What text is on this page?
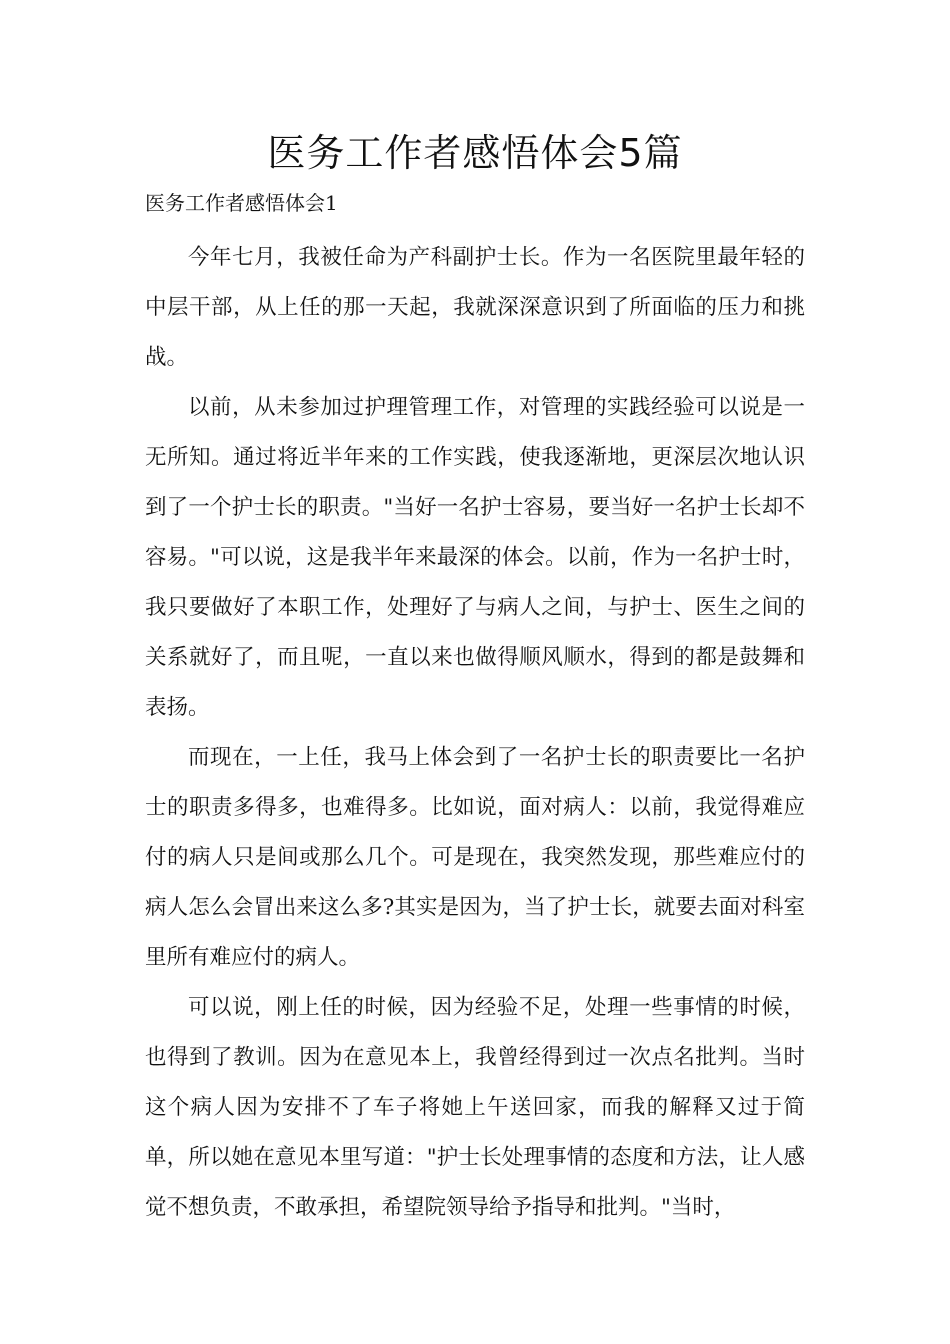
医务工作者感悟体会5篇
医务工作者感悟体会1

今年七月，我被任命为产科副护士长。作为一名医院里最年轻的中层干部，从上任的那一天起，我就深深意识到了所面临的压力和挑战。

以前，从未参加过护理管理工作，对管理的实践经验可以说是一无所知。通过将近半年来的工作实践，使我逐渐地，更深层次地认识到了一个护士长的职责。"当好一名护士容易，要当好一名护士长却不容易。"可以说，这是我半年来最深的体会。以前，作为一名护士时，我只要做好了本职工作，处理好了与病人之间，与护士、医生之间的关系就好了，而且呢，一直以来也做得顺风顺水，得到的都是鼓舞和表扬。

而现在，一上任，我马上体会到了一名护士长的职责要比一名护士的职责多得多，也难得多。比如说，面对病人：以前，我觉得难应付的病人只是间或那么几个。可是现在，我突然发现，那些难应付的病人怎么会冒出来这么多?其实是因为，当了护士长，就要去面对科室里所有难应付的病人。

可以说，刚上任的时候，因为经验不足，处理一些事情的时候，也得到了教训。因为在意见本上，我曾经得到过一次点名批判。当时这个病人因为安排不了车子将她上午送回家，而我的解释又过于简单，所以她在意见本里写道："护士长处理事情的态度和方法，让人感觉不想负责，不敢承担，希望院领导给予指导和批判。"当时，
